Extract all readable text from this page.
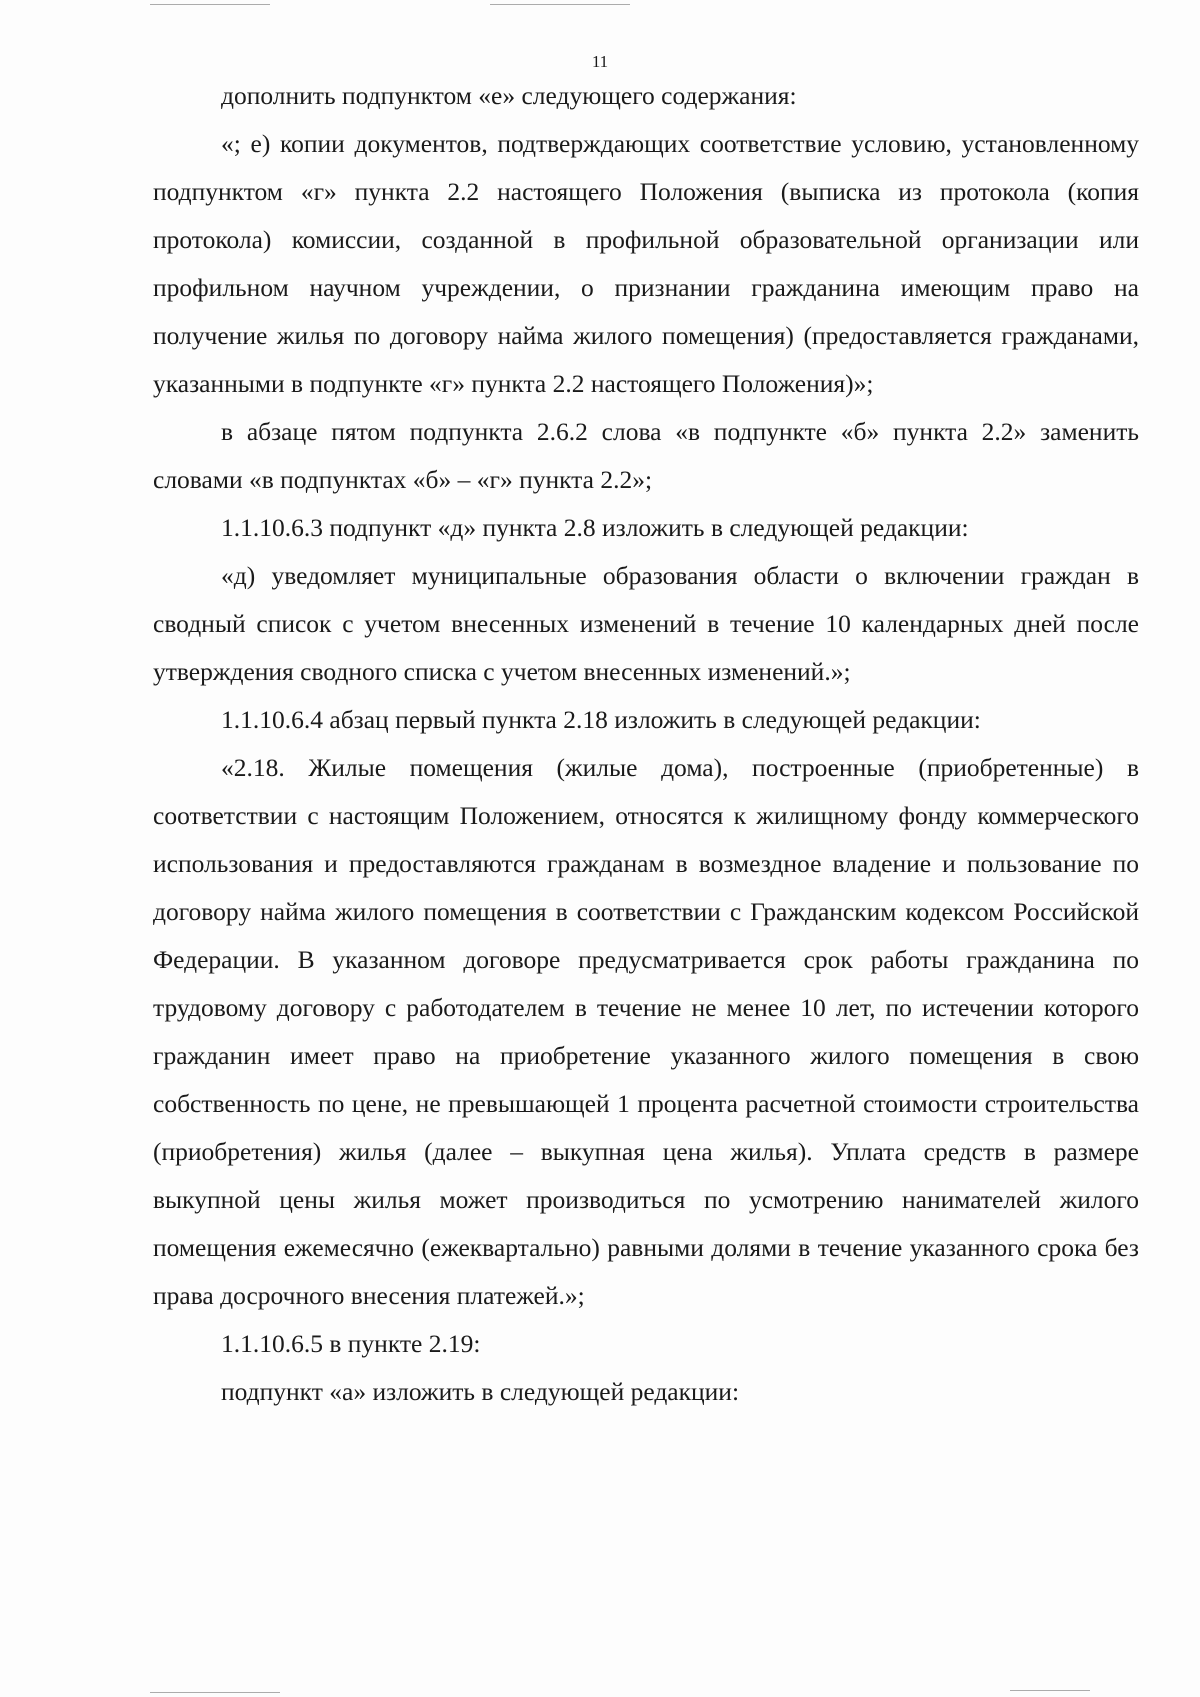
11

дополнить подпунктом «е» следующего содержания:

«; е) копии документов, подтверждающих соответствие условию, установленному подпунктом «г» пункта 2.2 настоящего Положения (выписка из протокола (копия протокола) комиссии, созданной в профильной образовательной организации или профильном научном учреждении, о признании гражданина имеющим право на получение жилья по договору найма жилого помещения) (предоставляется гражданами, указанными в подпункте «г» пункта 2.2 настоящего Положения)»;

в абзаце пятом подпункта 2.6.2 слова «в подпункте «б» пункта 2.2» заменить словами «в подпунктах «б» – «г» пункта 2.2»;

1.1.10.6.3 подпункт «д» пункта 2.8 изложить в следующей редакции:

«д) уведомляет муниципальные образования области о включении граждан в сводный список с учетом внесенных изменений в течение 10 календарных дней после утверждения сводного списка с учетом внесенных изменений.»;

1.1.10.6.4 абзац первый пункта 2.18 изложить в следующей редакции:

«2.18. Жилые помещения (жилые дома), построенные (приобретенные) в соответствии с настоящим Положением, относятся к жилищному фонду коммерческого использования и предоставляются гражданам в возмездное владение и пользование по договору найма жилого помещения в соответствии с Гражданским кодексом Российской Федерации. В указанном договоре предусматривается срок работы гражданина по трудовому договору с работодателем в течение не менее 10 лет, по истечении которого гражданин имеет право на приобретение указанного жилого помещения в свою собственность по цене, не превышающей 1 процента расчетной стоимости строительства (приобретения) жилья (далее – выкупная цена жилья). Уплата средств в размере выкупной цены жилья может производиться по усмотрению нанимателей жилого помещения ежемесячно (ежеквартально) равными долями в течение указанного срока без права досрочного внесения платежей.»;

1.1.10.6.5 в пункте 2.19:

подпункт «а» изложить в следующей редакции:
